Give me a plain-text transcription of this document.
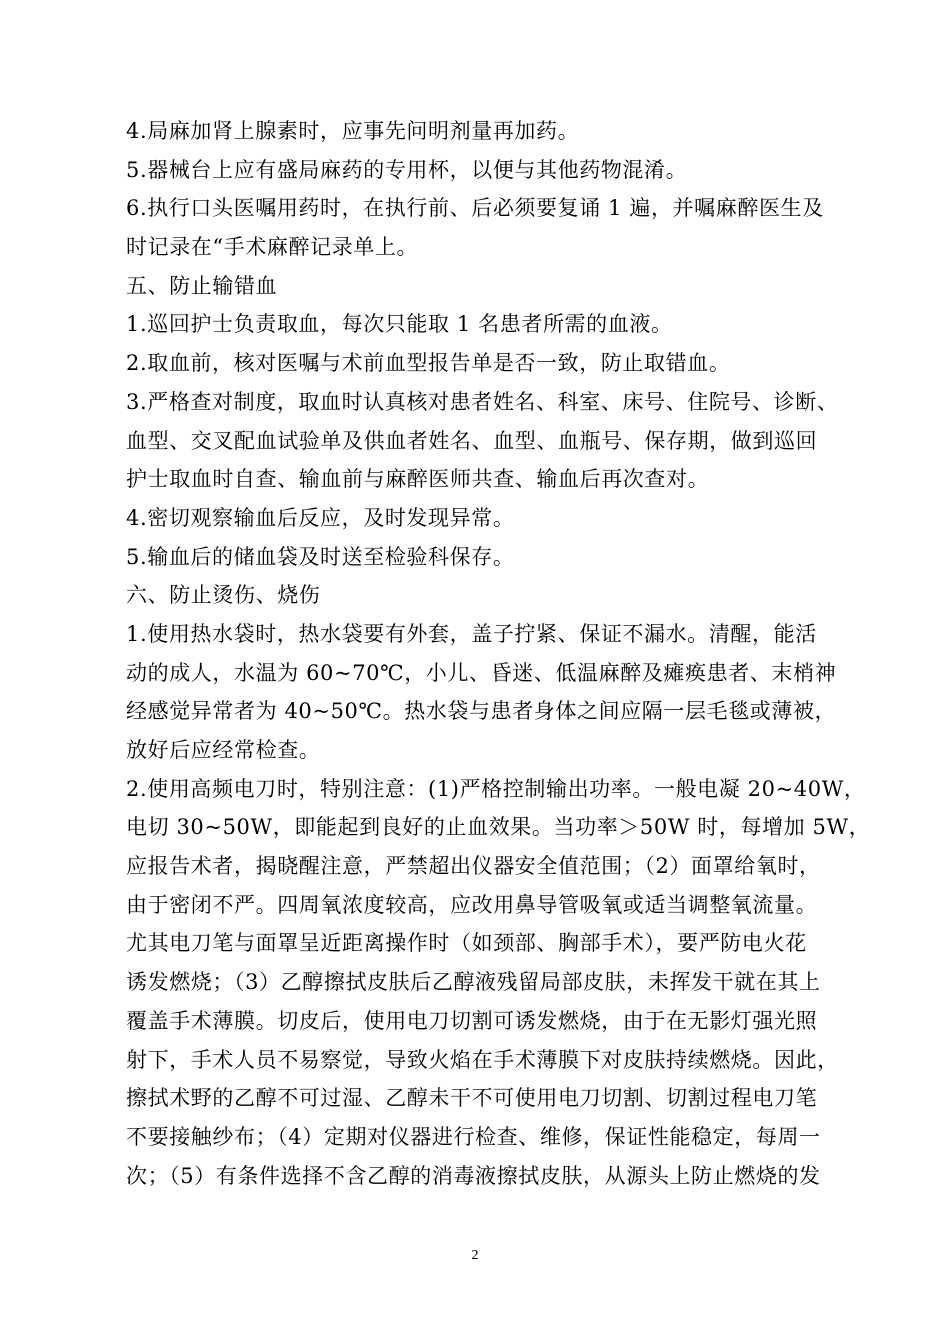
4.局麻加肾上腺素时，应事先问明剂量再加药。
5.器械台上应有盛局麻药的专用杯，以便与其他药物混淆。
6.执行口头医嘱用药时，在执行前、后必须要复诵 1 遍，并嘱麻醉医生及
时记录在“手术麻醉记录单上。
五、防止输错血
1.巡回护士负责取血，每次只能取 1 名患者所需的血液。
2.取血前，核对医嘱与术前血型报告单是否一致，防止取错血。
3.严格查对制度，取血时认真核对患者姓名、科室、床号、住院号、诊断、
血型、交叉配血试验单及供血者姓名、血型、血瓶号、保存期，做到巡回
护士取血时自查、输血前与麻醉医师共查、输血后再次查对。
4.密切观察输血后反应，及时发现异常。
5.输血后的储血袋及时送至检验科保存。
六、防止烫伤、烧伤
1.使用热水袋时，热水袋要有外套，盖子拧紧、保证不漏水。清醒，能活
动的成人，水温为 60~70℃，小儿、昏迷、低温麻醉及瘫痪患者、末梢神
经感觉异常者为 40~50℃。热水袋与患者身体之间应隔一层毛毯或薄被，
放好后应经常检查。
2.使用高频电刀时，特别注意：(1)严格控制输出功率。一般电凝 20~40W，
电切 30~50W，即能起到良好的止血效果。当功率＞50W 时，每增加 5W，
应报告术者，揭晓醒注意，严禁超出仪器安全值范围；（2）面罩给氧时，
由于密闭不严。四周氧浓度较高，应改用鼻导管吸氧或适当调整氧流量。
尤其电刀笔与面罩呈近距离操作时（如颈部、胸部手术），要严防电火花
诱发燃烧；（3）乙醇擦拭皮肤后乙醇液残留局部皮肤，未挥发干就在其上
覆盖手术薄膜。切皮后，使用电刀切割可诱发燃烧，由于在无影灯强光照
射下，手术人员不易察觉，导致火焰在手术薄膜下对皮肤持续燃烧。因此，
擦拭术野的乙醇不可过湿、乙醇未干不可使用电刀切割、切割过程电刀笔
不要接触纱布；（4）定期对仪器进行检查、维修，保证性能稳定，每周一
次；（5）有条件选择不含乙醇的消毒液擦拭皮肤，从源头上防止燃烧的发
2
